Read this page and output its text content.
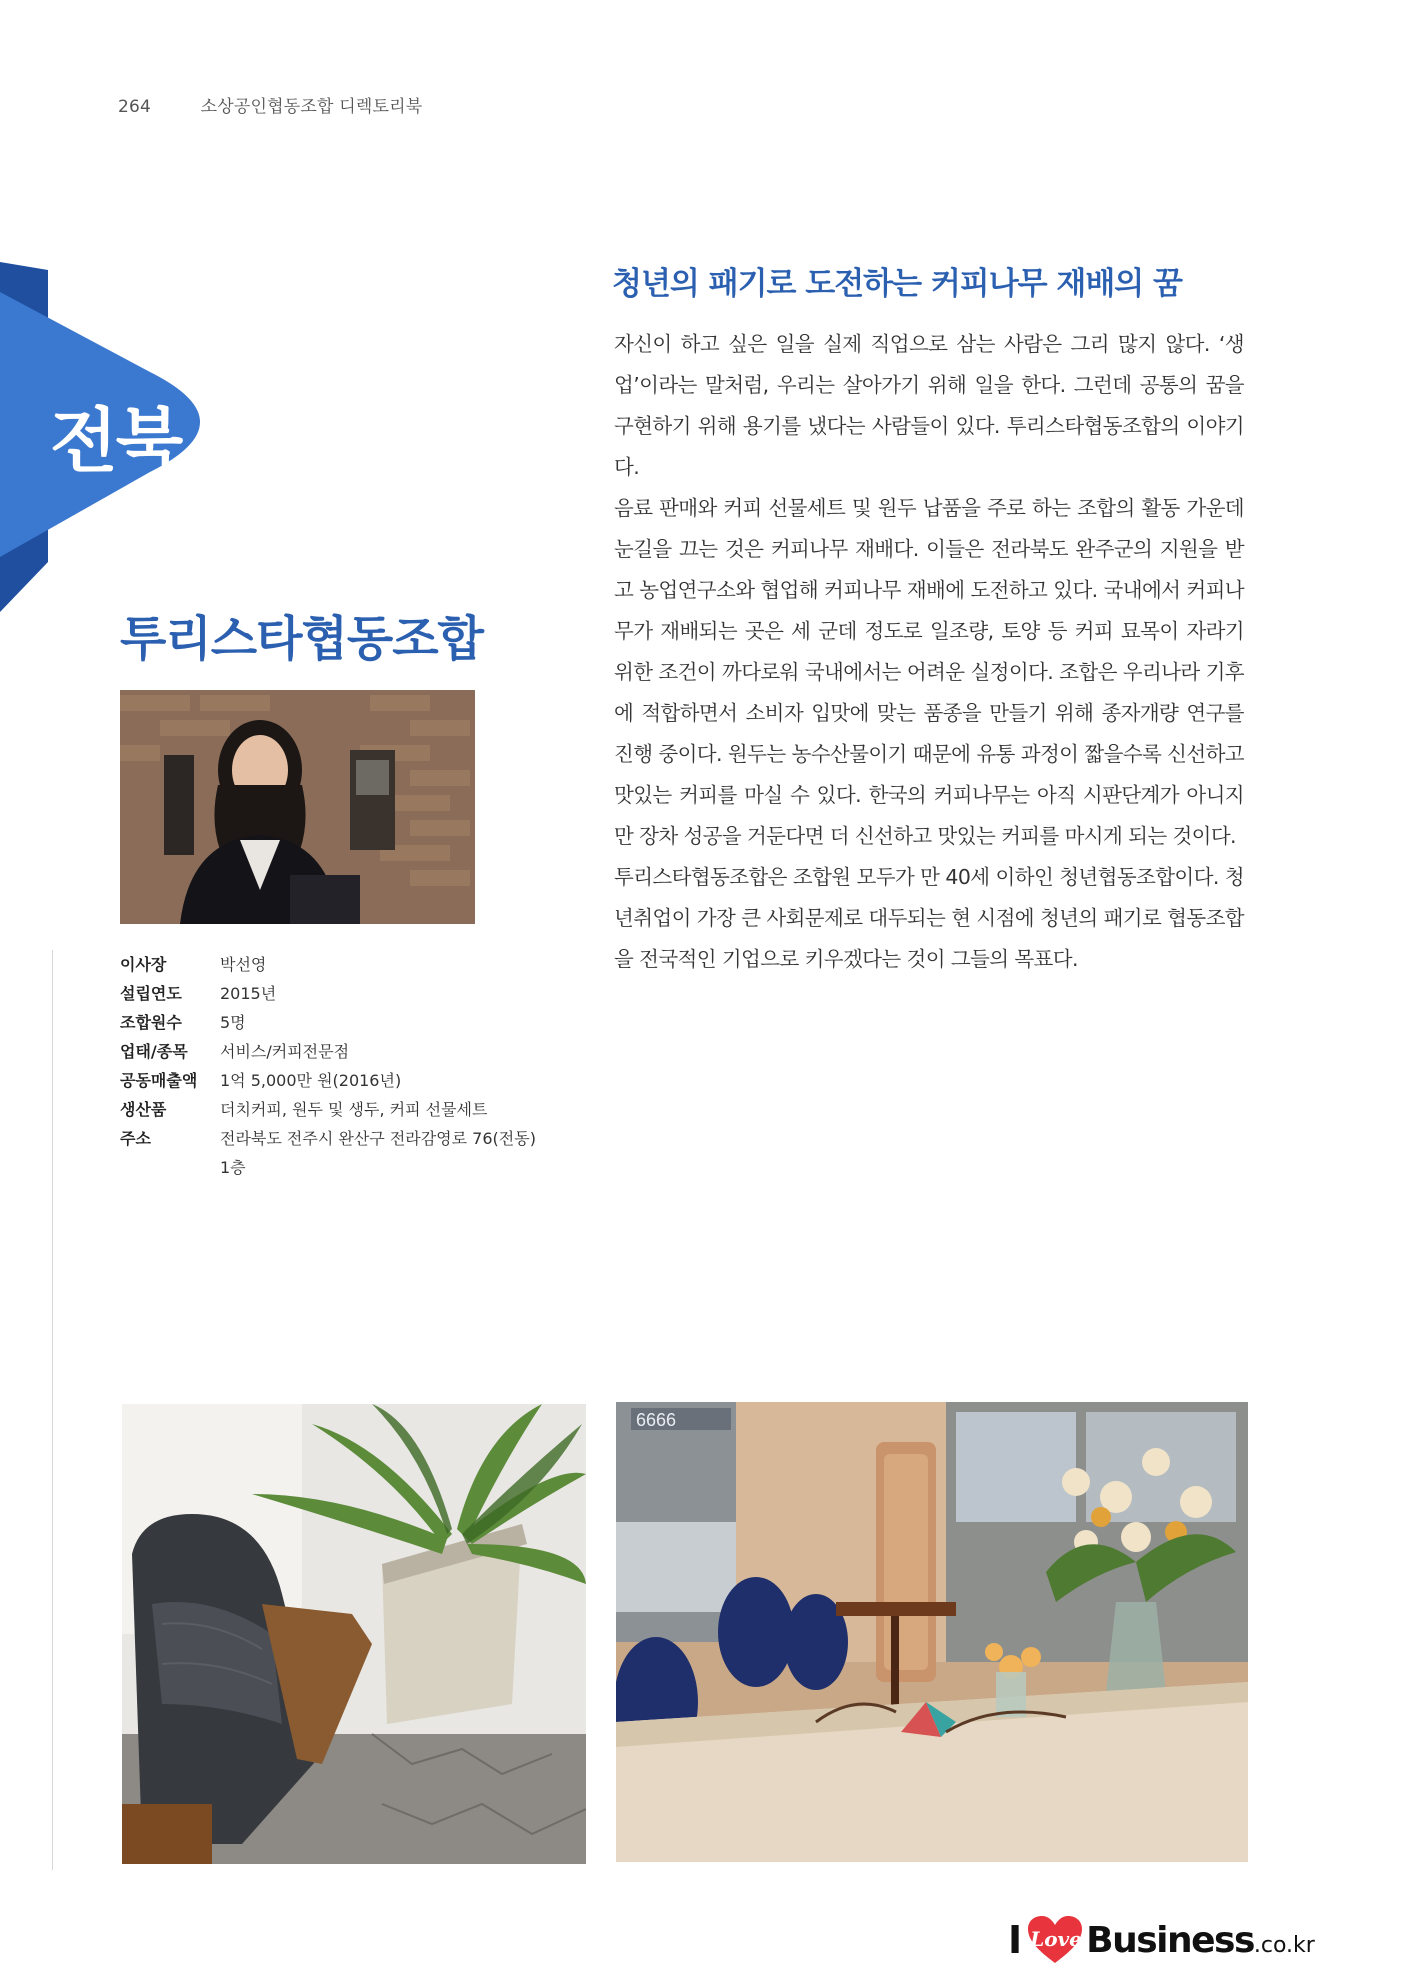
264	소상공인협동조합 디렉토리북
전북
투리스타협동조합
이사장	박선영
설립연도	2015년
조합원수	5명
업태/종목	서비스/커피전문점
공동매출액	1억 5,000만 원(2016년)
생산품	더치커피, 원두 및 생두, 커피 선물세트
주소	전라북도 전주시 완산구 전라감영로 76(전동) 1층
청년의 패기로 도전하는 커피나무 재배의 꿈

자신이 하고 싶은 일을 실제 직업으로 삼는 사람은 그리 많지 않다. ‘생업’이라는 말처럼, 우리는 살아가기 위해 일을 한다. 그런데 공통의 꿈을 구현하기 위해 용기를 냈다는 사람들이 있다. 투리스타협동조합의 이야기다.

음료 판매와 커피 선물세트 및 원두 납품을 주로 하는 조합의 활동 가운데 눈길을 끄는 것은 커피나무 재배다. 이들은 전라북도 완주군의 지원을 받고 농업연구소와 협업해 커피나무 재배에 도전하고 있다. 국내에서 커피나무가 재배되는 곳은 세 군데 정도로 일조량, 토양 등 커피 묘목이 자라기 위한 조건이 까다로워 국내에서는 어려운 실정이다. 조합은 우리나라 기후에 적합하면서 소비자 입맛에 맞는 품종을 만들기 위해 종자개량 연구를 진행 중이다. 원두는 농수산물이기 때문에 유통 과정이 짧을수록 신선하고 맛있는 커피를 마실 수 있다. 한국의 커피나무는 아직 시판단계가 아니지만 장차 성공을 거둔다면 더 신선하고 맛있는 커피를 마시게 되는 것이다.

투리스타협동조합은 조합원 모두가 만 40세 이하인 청년협동조합이다. 청년취업이 가장 큰 사회문제로 대두되는 현 시점에 청년의 패기로 협동조합을 전국적인 기업으로 키우겠다는 것이 그들의 목표다.

6666
I Love Business .co.kr
